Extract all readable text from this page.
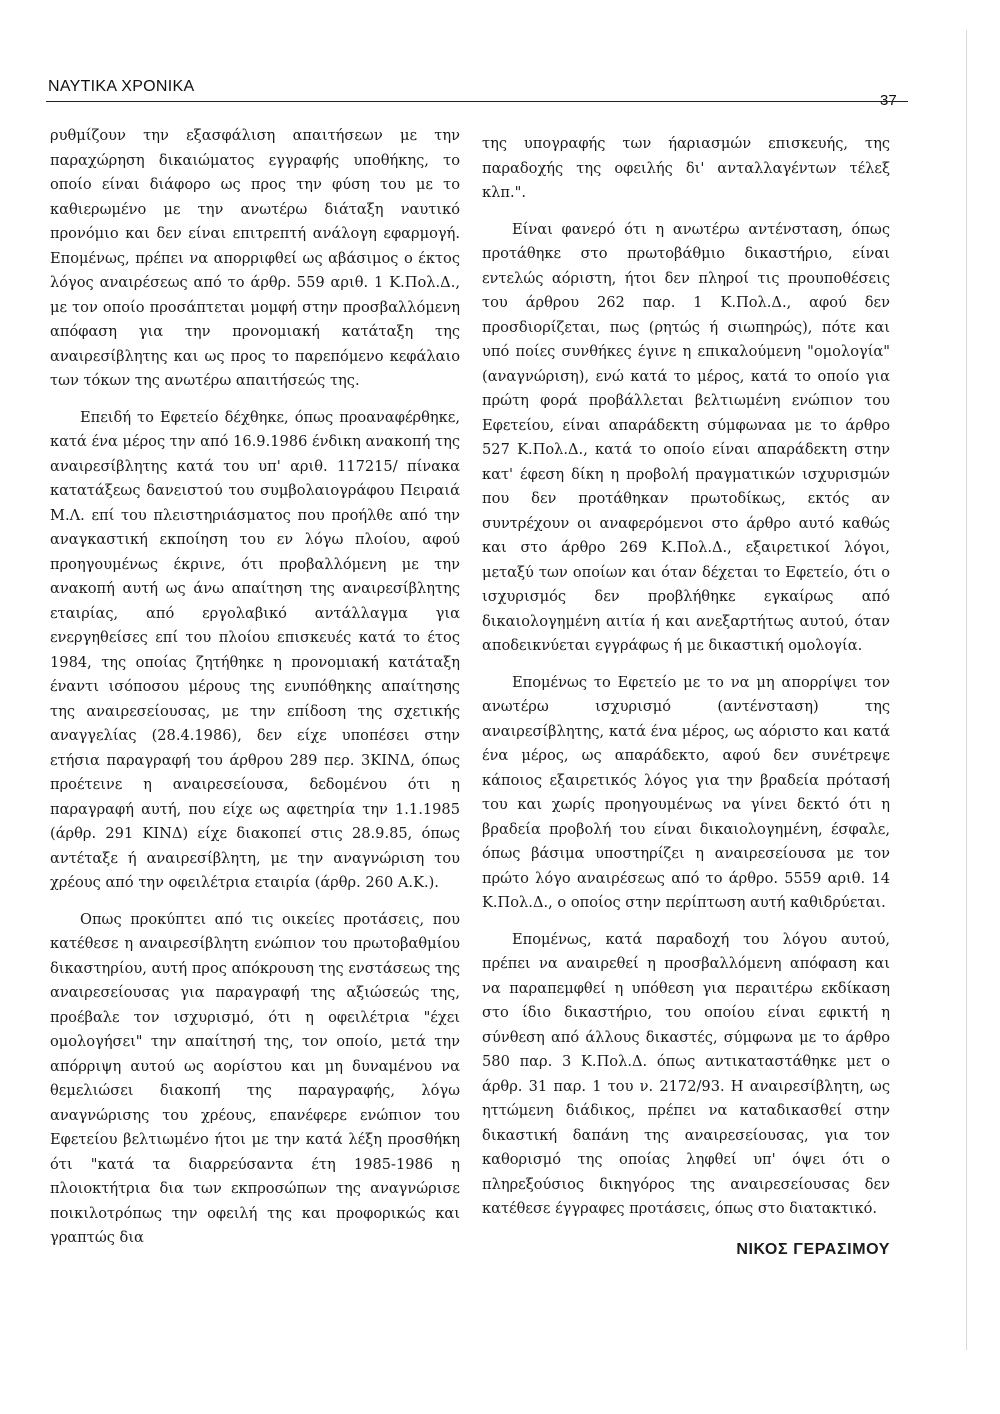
ΝΑΥΤΙΚΑ ΧΡΟΝΙΚΑ
37

ρυθμίζουν την εξασφάλιση απαιτήσεων με την παραχώρηση δικαιώματος εγγραφής υποθήκης, το οποίο είναι διάφορο ως προς την φύση του με το καθιερωμένο με την ανωτέρω διάταξη ναυτικό προνόμιο και δεν είναι επιτρεπτή ανάλογη εφαρμογή. Επομένως, πρέπει να απορριφθεί ως αβάσιμος ο έκτος λόγος αναιρέσεως από το άρθρ. 559 αριθ. 1 Κ.Πολ.Δ., με τον οποίο προσάπτεται μομφή στην προσβαλλόμενη απόφαση για την προνομιακή κατάταξη της αναιρεσίβλητης και ως προς το παρεπόμενο κεφάλαιο των τόκων της ανωτέρω απαιτήσεώς της.

Επειδή το Εφετείο δέχθηκε, όπως προαναφέρθηκε, κατά ένα μέρος την από 16.9.1986 ένδικη ανακοπή της αναιρεσίβλητης κατά του υπ' αριθ. 117215/ πίνακα κατατάξεως δανειστού του συμβολαιογράφου Πειραιά Μ.Λ. επί του πλειστηριάσματος που προήλθε από την αναγκαστική εκποίηση του εν λόγω πλοίου, αφού προηγουμένως έκρινε, ότι προβαλλόμενη με την ανακοπή αυτή ως άνω απαίτηση της αναιρεσίβλητης εταιρίας, από εργολαβικό αντάλλαγμα για ενεργηθείσες επί του πλοίου επισκευές κατά το έτος 1984, της οποίας ζητήθηκε η προνομιακή κατάταξη έναντι ισόποσου μέρους της ενυπόθηκης απαίτησης της αναιρεσείουσας, με την επίδοση της σχετικής αναγγελίας (28.4.1986), δεν είχε υποπέσει στην ετήσια παραγραφή του άρθρου 289 περ. 3ΚΙΝΔ, όπως προέτεινε η αναιρεσείουσα, δεδομένου ότι η παραγραφή αυτή, που είχε ως αφετηρία την 1.1.1985 (άρθρ. 291 ΚΙΝΔ) είχε διακοπεί στις 28.9.85, όπως αντέταξε ή αναιρεσίβλητη, με την αναγνώριση του χρέους από την οφειλέτρια εταιρία (άρθρ. 260 Α.Κ.).

Οπως προκύπτει από τις οικείες προτάσεις, που κατέθεσε η αναιρεσίβλητη ενώπιον του πρωτοβαθμίου δικαστηρίου, αυτή προς απόκρουση της ενστάσεως της αναιρεσείουσας για παραγραφή της αξιώσεώς της, προέβαλε τον ισχυρισμό, ότι η οφειλέτρια "έχει ομολογήσει" την απαίτησή της, τον οποίο, μετά την απόρριψη αυτού ως αορίστου και μη δυναμένου να θεμελιώσει διακοπή της παραγραφής, λόγω αναγνώρισης του χρέους, επανέφερε ενώπιον του Εφετείου βελτιωμένο ήτοι με την κατά λέξη προσθήκη ότι "κατά τα διαρρεύσαντα έτη 1985-1986 η πλοιοκτήτρια δια των εκπροσώπων της αναγνώρισε ποικιλοτρόπως την οφειλή της και προφορικώς και γραπτώς δια

της υπογραφής των ήαριασμών επισκευής, της παραδοχής της οφειλής δι' ανταλλαγέντων τέλεξ κλπ.".

Είναι φανερό ότι η ανωτέρω αντένσταση, όπως προτάθηκε στο πρωτοβάθμιο δικαστήριο, είναι εντελώς αόριστη, ήτοι δεν πληροί τις προυποθέσεις του άρθρου 262 παρ. 1 Κ.Πολ.Δ., αφού δεν προσδιορίζεται, πως (ρητώς ή σιωπηρώς), πότε και υπό ποίες συνθήκες έγινε η επικαλούμενη "ομολογία" (αναγνώριση), ενώ κατά το μέρος, κατά το οποίο για πρώτη φορά προβάλλεται βελτιωμένη ενώπιον του Εφετείου, είναι απαράδεκτη σύμφωναα με το άρθρο 527 Κ.Πολ.Δ., κατά το οποίο είναι απαράδεκτη στην κατ' έφεση δίκη η προβολή πραγματικών ισχυρισμών που δεν προτάθηκαν πρωτοδίκως, εκτός αν συντρέχουν οι αναφερόμενοι στο άρθρο αυτό καθώς και στο άρθρο 269 Κ.Πολ.Δ., εξαιρετικοί λόγοι, μεταξύ των οποίων και όταν δέχεται το Εφετείο, ότι ο ισχυρισμός δεν προβλήθηκε εγκαίρως από δικαιολογημένη αιτία ή και ανεξαρτήτως αυτού, όταν αποδεικνύεται εγγράφως ή με δικαστική ομολογία.

Επομένως το Εφετείο με το να μη απορρίψει τον ανωτέρω ισχυρισμό (αντένσταση) της αναιρεσίβλητης, κατά ένα μέρος, ως αόριστο και κατά ένα μέρος, ως απαράδεκτο, αφού δεν συνέτρεψε κάποιος εξαιρετικός λόγος για την βραδεία πρότασή του και χωρίς προηγουμένως να γίνει δεκτό ότι η βραδεία προβολή του είναι δικαιολογημένη, έσφαλε, όπως βάσιμα υποστηρίζει η αναιρεσείουσα με τον πρώτο λόγο αναιρέσεως από το άρθρο. 5559 αριθ. 14 Κ.Πολ.Δ., ο οποίος στην περίπτωση αυτή καθιδρύεται.

Επομένως, κατά παραδοχή του λόγου αυτού, πρέπει να αναιρεθεί η προσβαλλόμενη απόφαση και να παραπεμφθεί η υπόθεση για περαιτέρω εκδίκαση στο ίδιο δικαστήριο, του οποίου είναι εφικτή η σύνθεση από άλλους δικαστές, σύμφωνα με το άρθρο 580 παρ. 3 Κ.Πολ.Δ. όπως αντικαταστάθηκε μετ ο άρθρ. 31 παρ. 1 του ν. 2172/93. Η αναιρεσίβλητη, ως ηττώμενη διάδικος, πρέπει να καταδικασθεί στην δικαστική δαπάνη της αναιρεσείουσας, για τον καθορισμό της οποίας ληφθεί υπ' όψει ότι ο πληρεξούσιος δικηγόρος της αναιρεσείουσας δεν κατέθεσε έγγραφες προτάσεις, όπως στο διατακτικό.

ΝΙΚΟΣ ΓΕΡΑΣΙΜΟΥ
